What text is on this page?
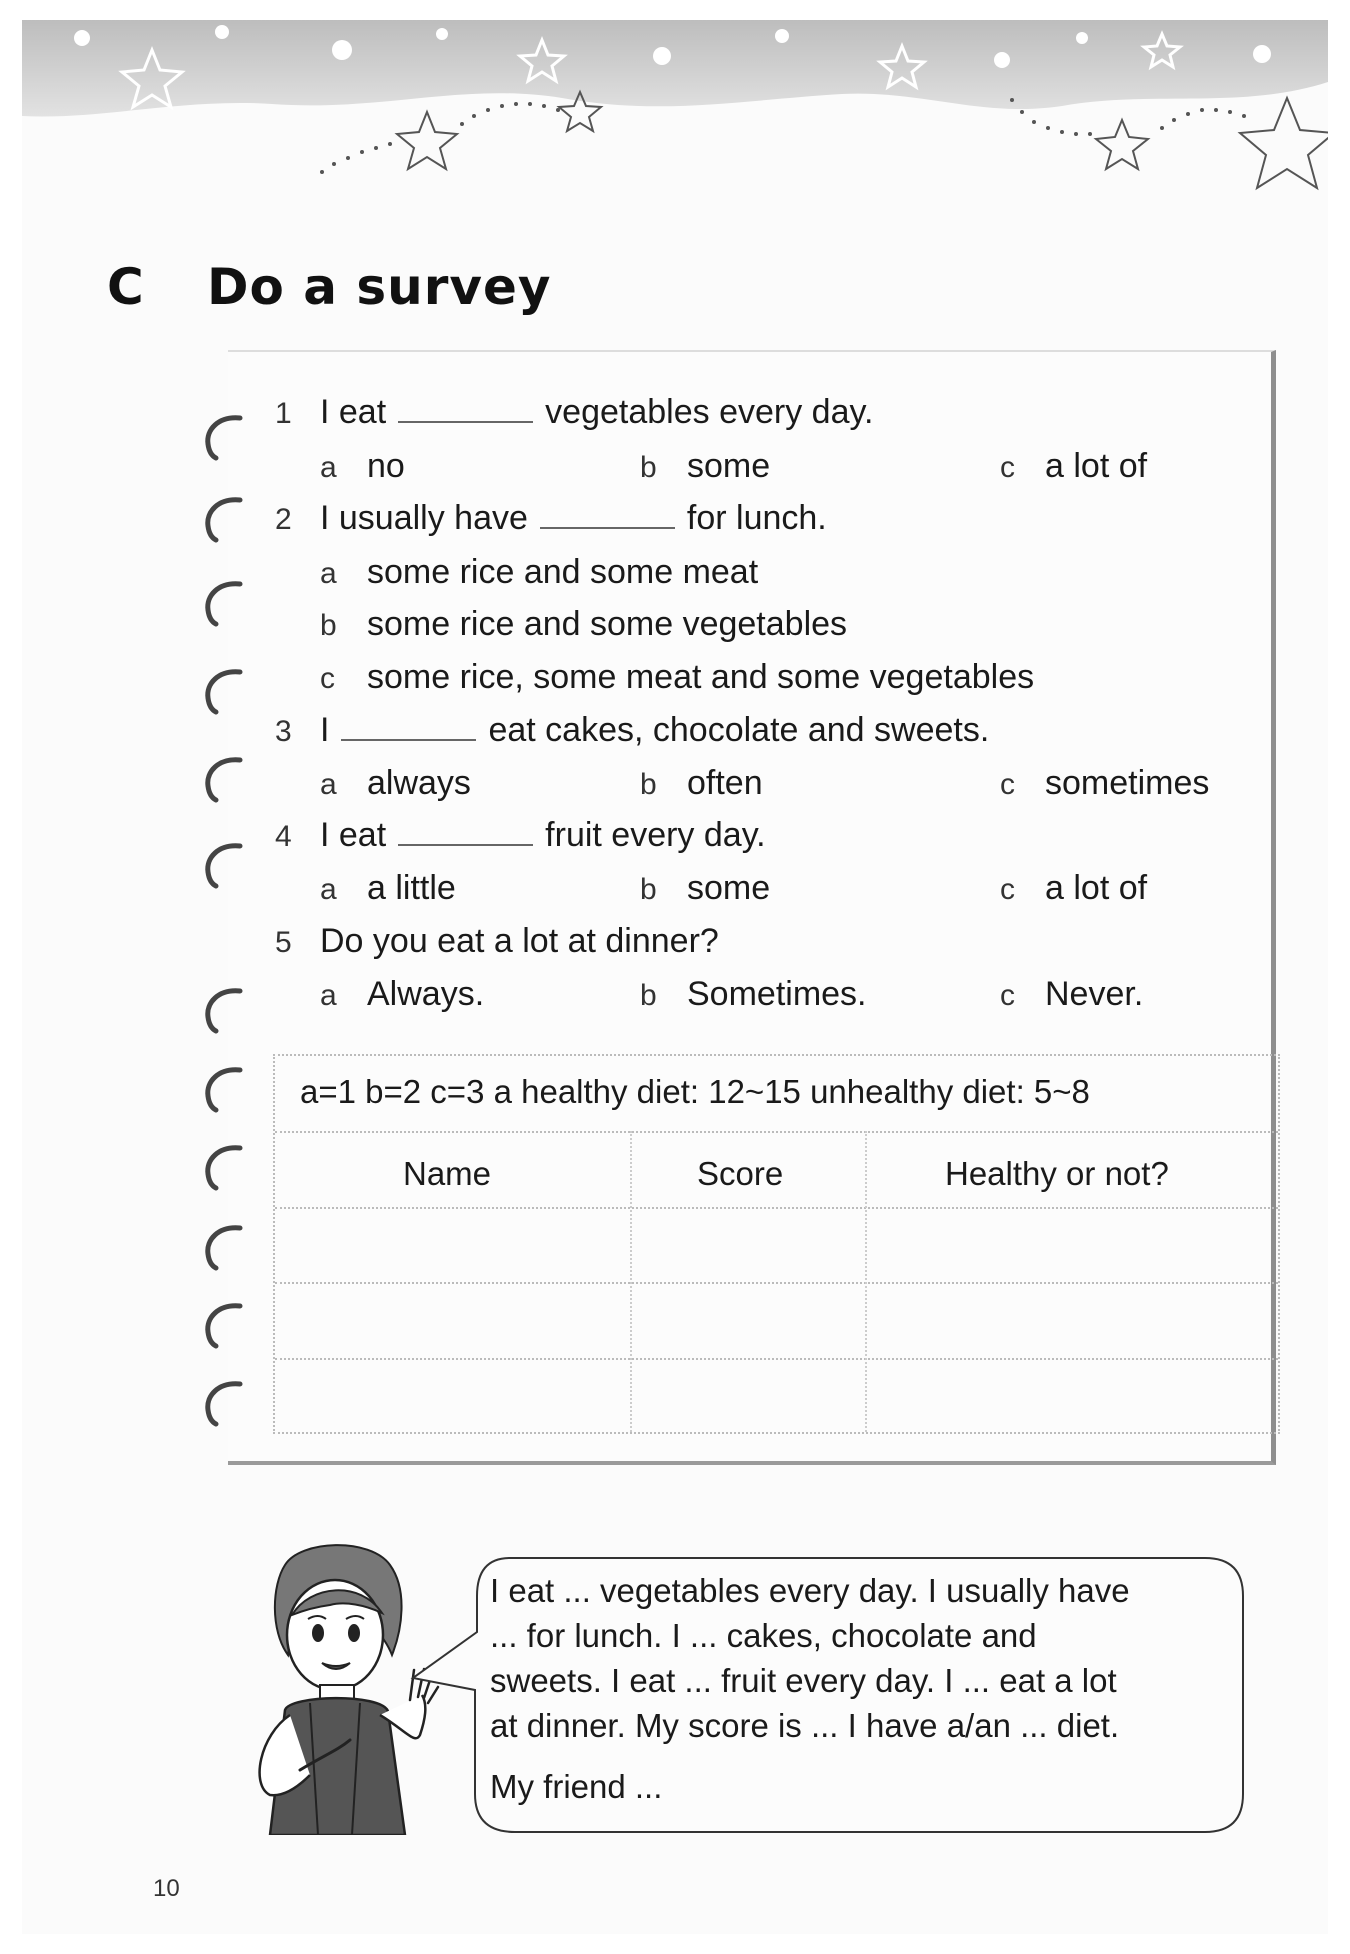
C Do a survey
1 I eat	vegetables every day.
a no	b some	c a lot of
2 I usually have	for lunch.
a some rice and some meat
b some rice and some vegetables
c some rice, some meat and some vegetables
3 I	eat cakes, chocolate and sweets.
a always	b often	c sometimes
4 I eat	fruit every day.
a a little	b some	c a lot of
5 Do you eat a lot at dinner?
a Always.	b Sometimes.	c Never.
a=1 b=2 c=3 a healthy diet: 12~15 unhealthy diet: 5~8
Name	Score	Healthy or not?
I eat ... vegetables every day. I usually have
... for lunch. I ... cakes, chocolate and
sweets. I eat ... fruit every day. I ... eat a lot
at dinner. My score is ... I have a/an ... diet.
My friend ...
10
